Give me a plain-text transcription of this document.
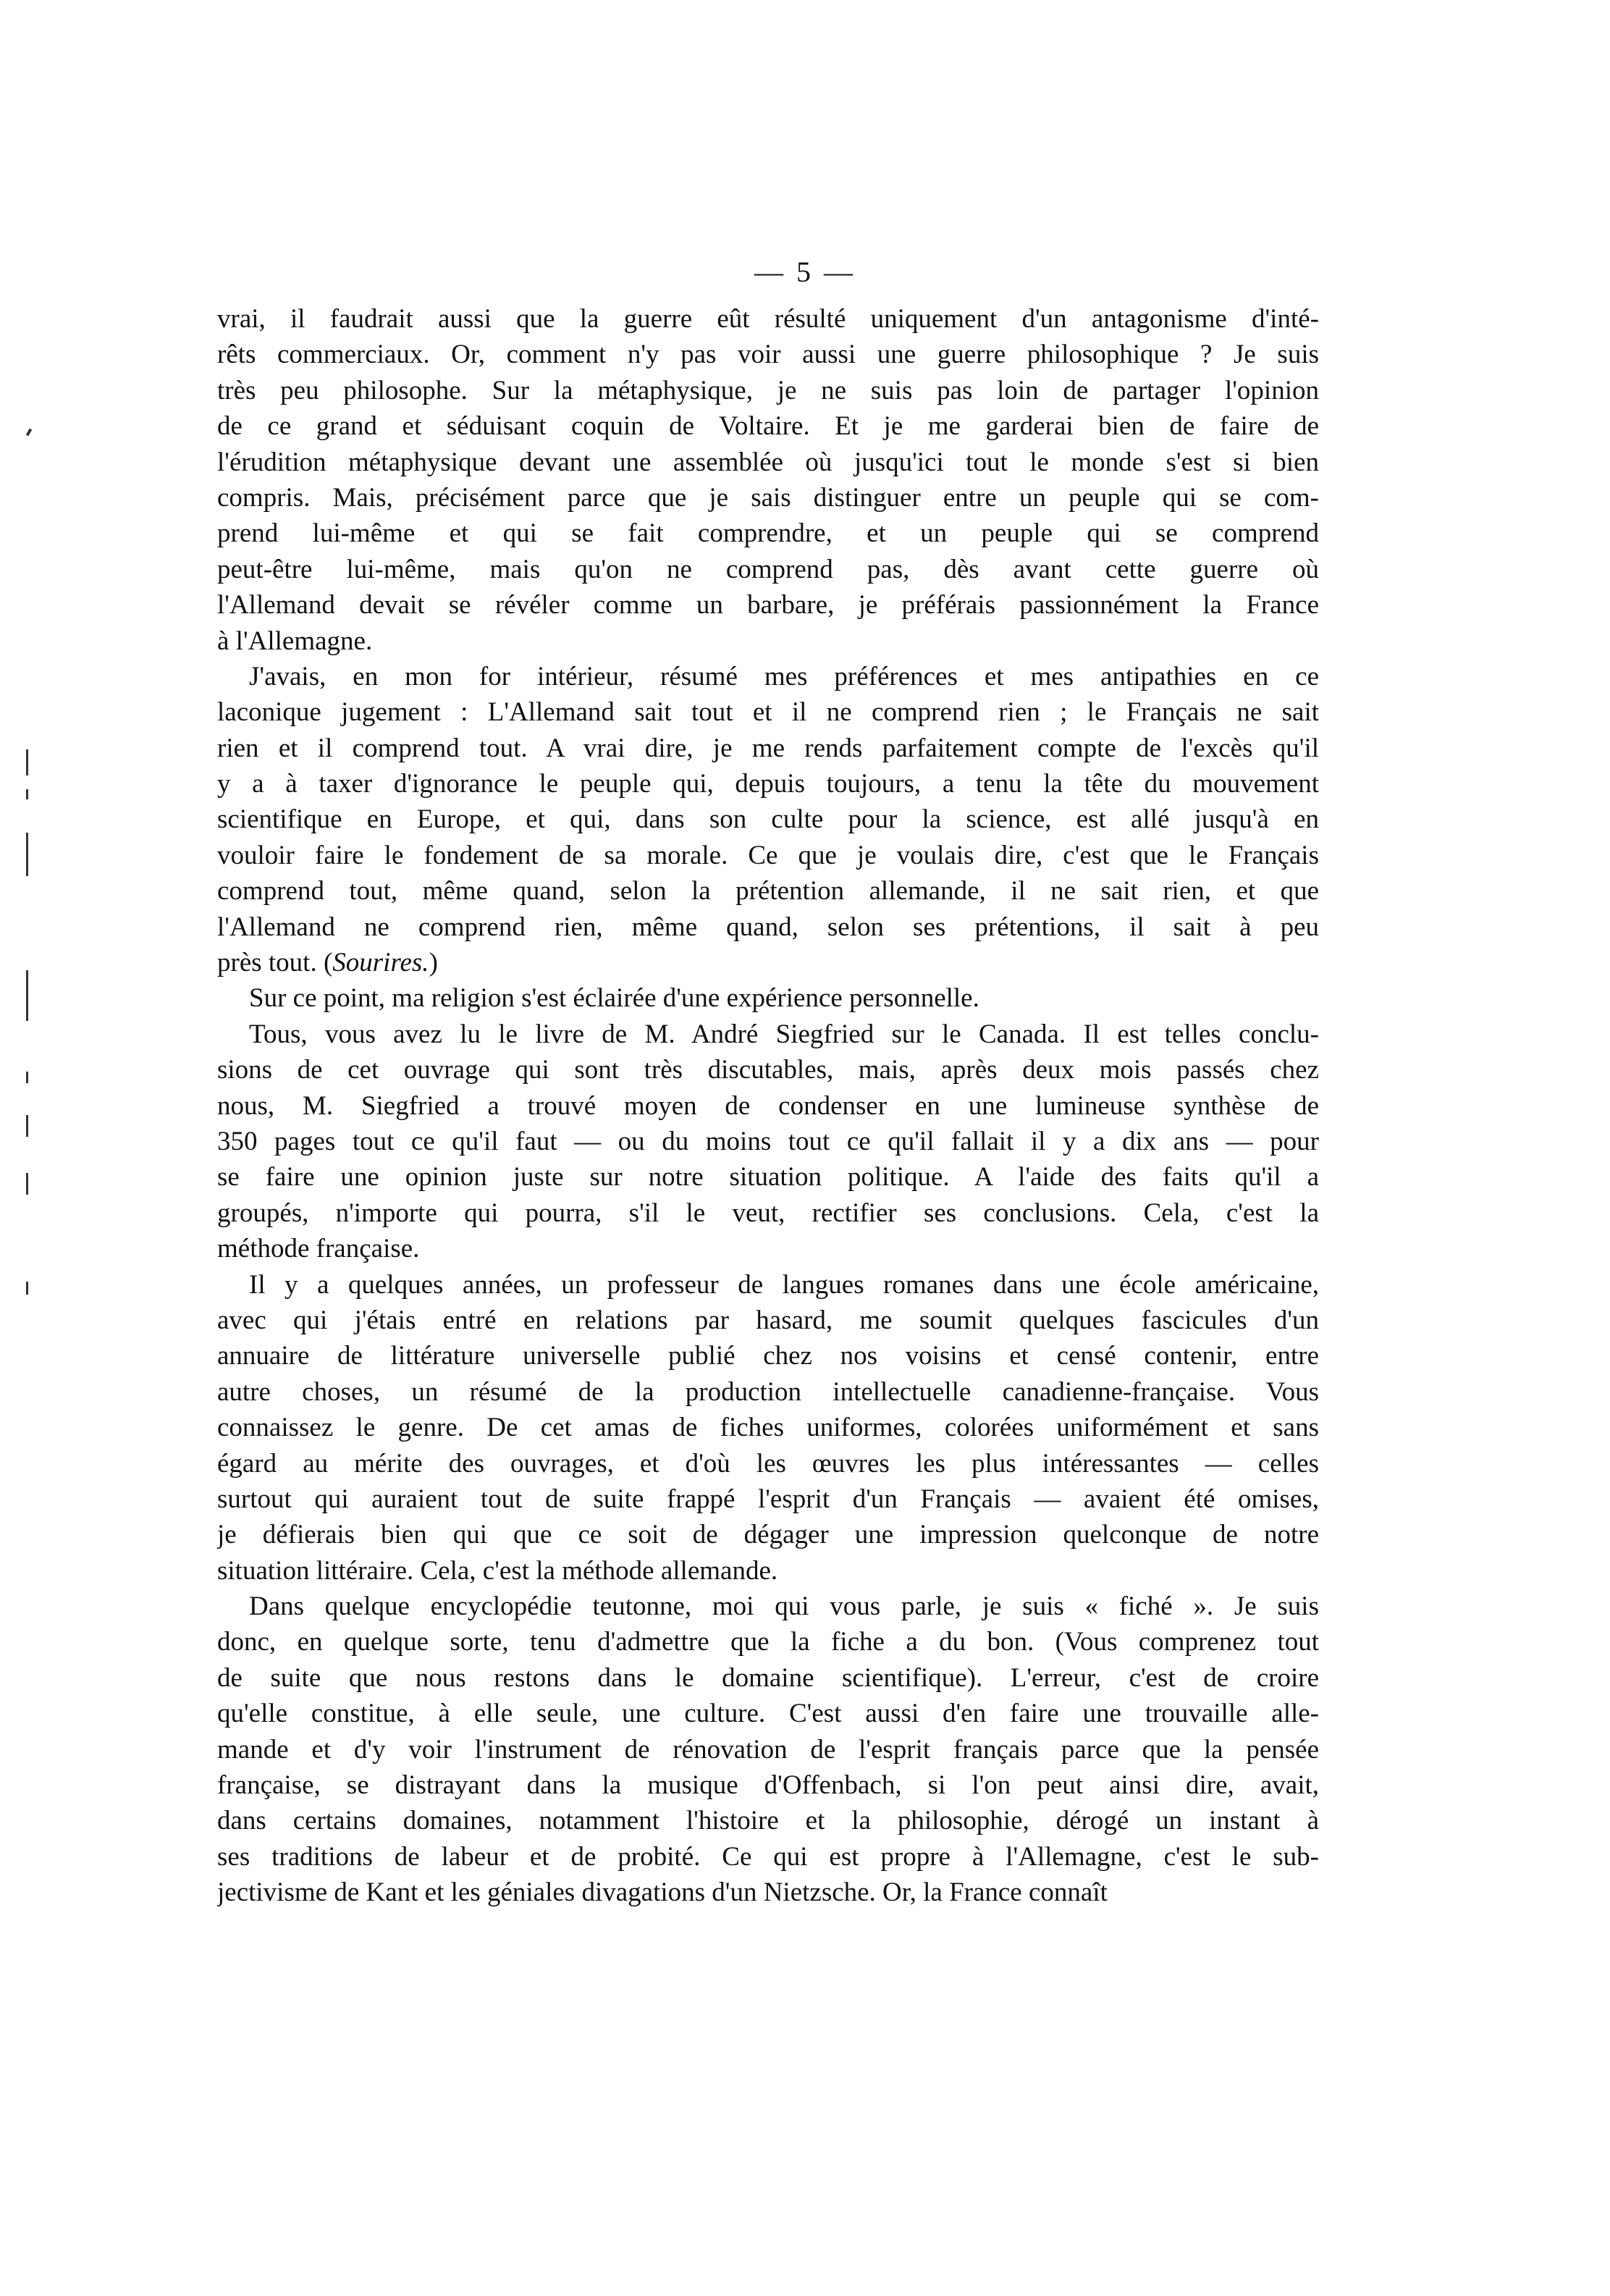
— 5 —
vrai, il faudrait aussi que la guerre eût résulté uniquement d'un antagonisme d'inté-
rêts commerciaux. Or, comment n'y pas voir aussi une guerre philosophique ? Je suis
très peu philosophe. Sur la métaphysique, je ne suis pas loin de partager l'opinion
de ce grand et séduisant coquin de Voltaire. Et je me garderai bien de faire de
l'érudition métaphysique devant une assemblée où jusqu'ici tout le monde s'est si bien
compris. Mais, précisément parce que je sais distinguer entre un peuple qui se com-
prend lui-même et qui se fait comprendre, et un peuple qui se comprend
peut-être lui-même, mais qu'on ne comprend pas, dès avant cette guerre où
l'Allemand devait se révéler comme un barbare, je préférais passionnément la France
à l'Allemagne.
J'avais, en mon for intérieur, résumé mes préférences et mes antipathies en ce
laconique jugement : L'Allemand sait tout et il ne comprend rien ; le Français ne sait
rien et il comprend tout. A vrai dire, je me rends parfaitement compte de l'excès qu'il
y a à taxer d'ignorance le peuple qui, depuis toujours, a tenu la tête du mouvement
scientifique en Europe, et qui, dans son culte pour la science, est allé jusqu'à en
vouloir faire le fondement de sa morale. Ce que je voulais dire, c'est que le Français
comprend tout, même quand, selon la prétention allemande, il ne sait rien, et que
l'Allemand ne comprend rien, même quand, selon ses prétentions, il sait à peu
près tout. (Sourires.)
Sur ce point, ma religion s'est éclairée d'une expérience personnelle.
Tous, vous avez lu le livre de M. André Siegfried sur le Canada. Il est telles conclu-
sions de cet ouvrage qui sont très discutables, mais, après deux mois passés chez
nous, M. Siegfried a trouvé moyen de condenser en une lumineuse synthèse de
350 pages tout ce qu'il faut — ou du moins tout ce qu'il fallait il y a dix ans — pour
se faire une opinion juste sur notre situation politique. A l'aide des faits qu'il a
groupés, n'importe qui pourra, s'il le veut, rectifier ses conclusions. Cela, c'est la
méthode française.
Il y a quelques années, un professeur de langues romanes dans une école américaine,
avec qui j'étais entré en relations par hasard, me soumit quelques fascicules d'un
annuaire de littérature universelle publié chez nos voisins et censé contenir, entre
autre choses, un résumé de la production intellectuelle canadienne-française. Vous
connaissez le genre. De cet amas de fiches uniformes, colorées uniformément et sans
égard au mérite des ouvrages, et d'où les œuvres les plus intéressantes — celles
surtout qui auraient tout de suite frappé l'esprit d'un Français — avaient été omises,
je défierais bien qui que ce soit de dégager une impression quelconque de notre
situation littéraire. Cela, c'est la méthode allemande.
Dans quelque encyclopédie teutonne, moi qui vous parle, je suis « fiché ». Je suis
donc, en quelque sorte, tenu d'admettre que la fiche a du bon. (Vous comprenez tout
de suite que nous restons dans le domaine scientifique). L'erreur, c'est de croire
qu'elle constitue, à elle seule, une culture. C'est aussi d'en faire une trouvaille alle-
mande et d'y voir l'instrument de rénovation de l'esprit français parce que la pensée
française, se distrayant dans la musique d'Offenbach, si l'on peut ainsi dire, avait,
dans certains domaines, notamment l'histoire et la philosophie, dérogé un instant à
ses traditions de labeur et de probité. Ce qui est propre à l'Allemagne, c'est le sub-
jectivisme de Kant et les géniales divagations d'un Nietzsche. Or, la France connaît
